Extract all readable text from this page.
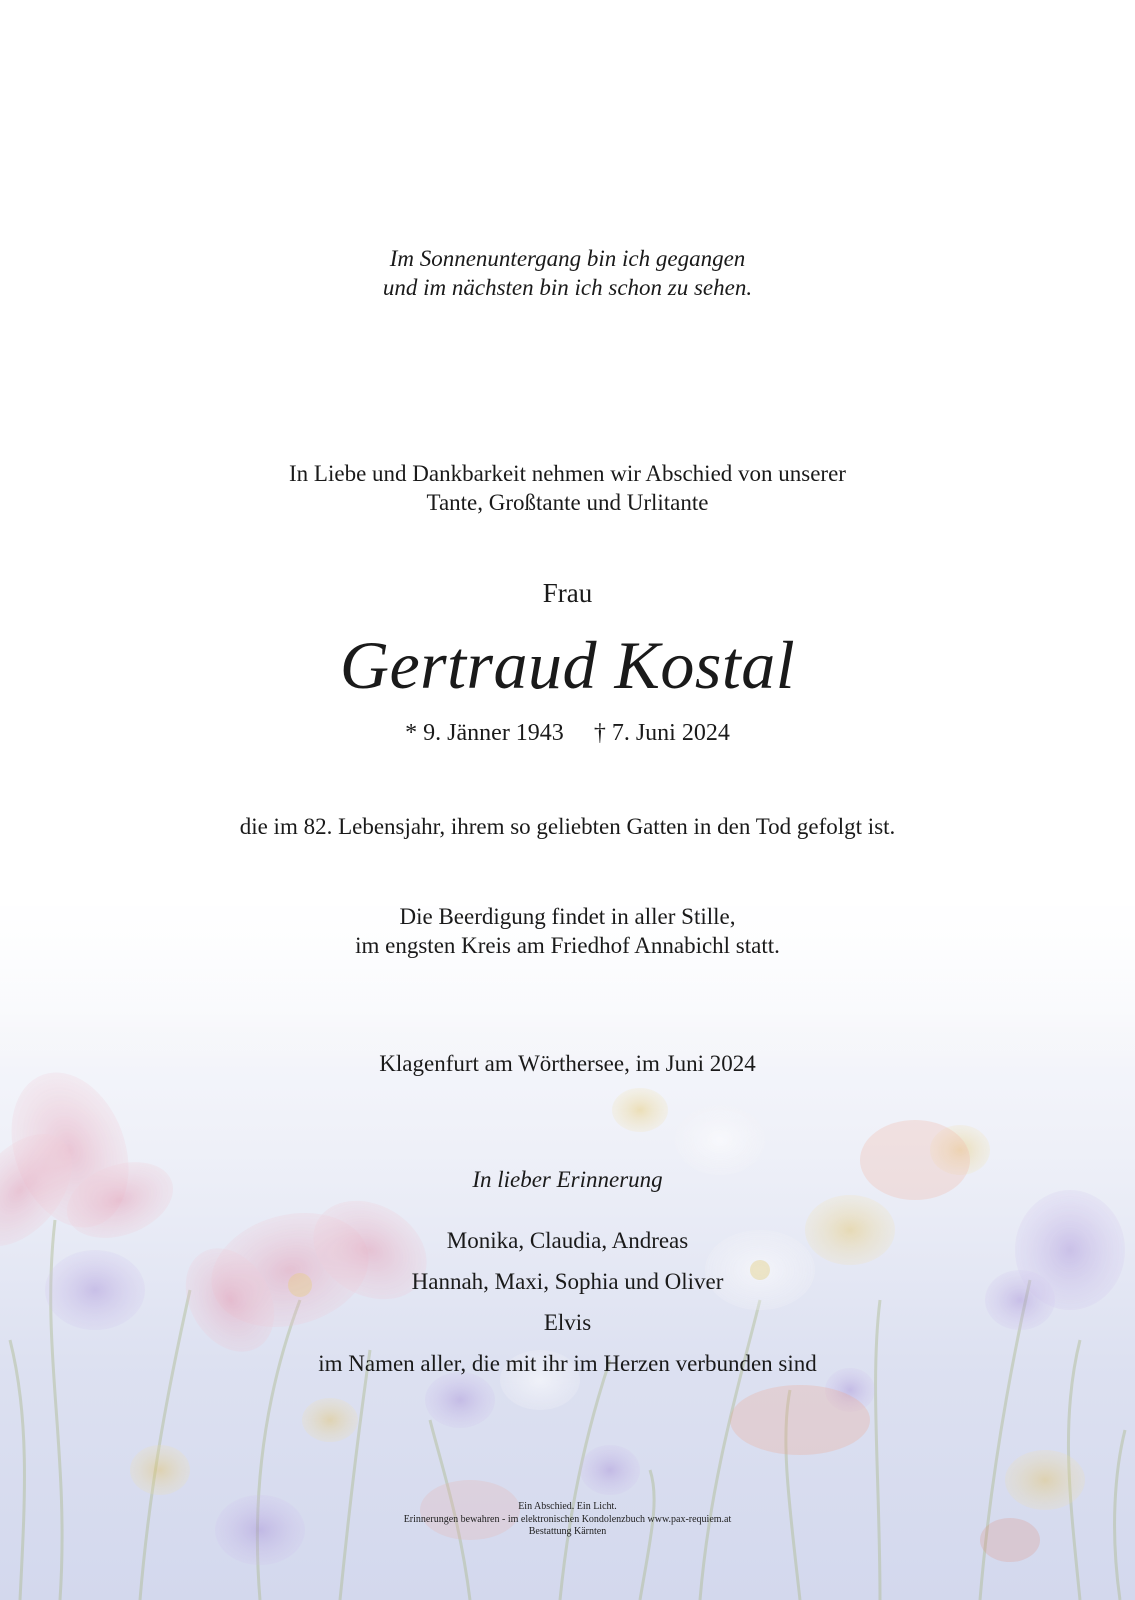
Im Sonnenuntergang bin ich gegangen
und im nächsten bin ich schon zu sehen.
In Liebe und Dankbarkeit nehmen wir Abschied von unserer
Tante, Großtante und Urlitante
Frau
Gertraud Kostal
* 9. Jänner 1943 † 7. Juni 2024
die im 82. Lebensjahr, ihrem so geliebten Gatten in den Tod gefolgt ist.
Die Beerdigung findet in aller Stille,
im engsten Kreis am Friedhof Annabichl statt.
Klagenfurt am Wörthersee, im Juni 2024
In lieber Erinnerung
Monika, Claudia, Andreas
Hannah, Maxi, Sophia und Oliver
Elvis
im Namen aller, die mit ihr im Herzen verbunden sind
Ein Abschied. Ein Licht.
Erinnerungen bewahren - im elektronischen Kondolenzbuch www.pax-requiem.at
Bestattung Kärnten
